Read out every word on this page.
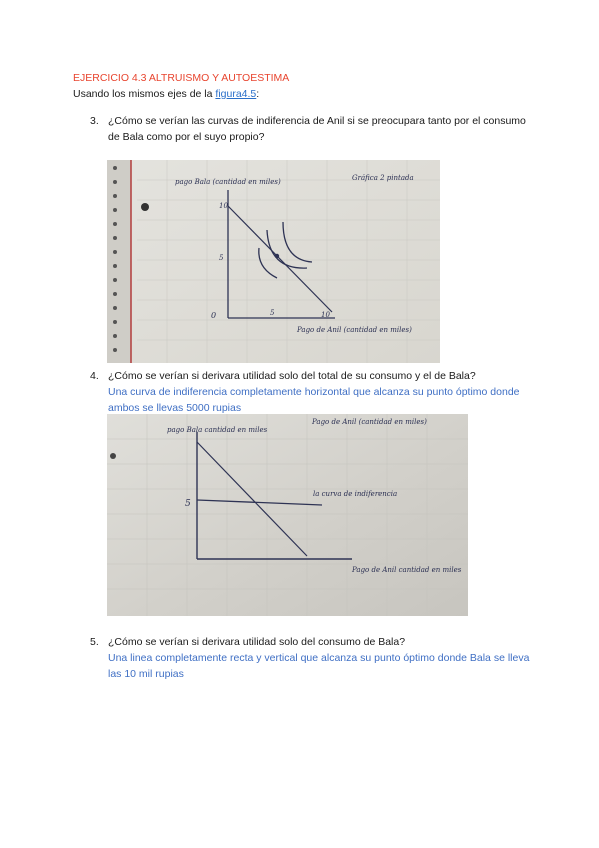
EJERCICIO 4.3 ALTRUISMO Y AUTOESTIMA
Usando los mismos ejes de la figura4.5:
3. ¿Cómo se verían las curvas de indiferencia de Anil si se preocupara tanto por el consumo de Bala como por el suyo propio?
pago Bala (cantidad en miles)	Gráfica 2 pintada
10
5
0	5	10
Pago de Anil (cantidad en miles)
4. ¿Cómo se verían si derivara utilidad solo del total de su consumo y el de Bala?
Una curva de indiferencia completamente horizontal que alcanza su punto óptimo donde ambos se llevas 5000 rupias
pago Bala cantidad en miles
Pago de Anil (cantidad en miles)
5
la curva de indiferencia
Pago de Anil cantidad en miles
5. ¿Cómo se verían si derivara utilidad solo del consumo de Bala?
Una linea completamente recta y vertical que alcanza su punto óptimo donde Bala se lleva las 10 mil rupias
